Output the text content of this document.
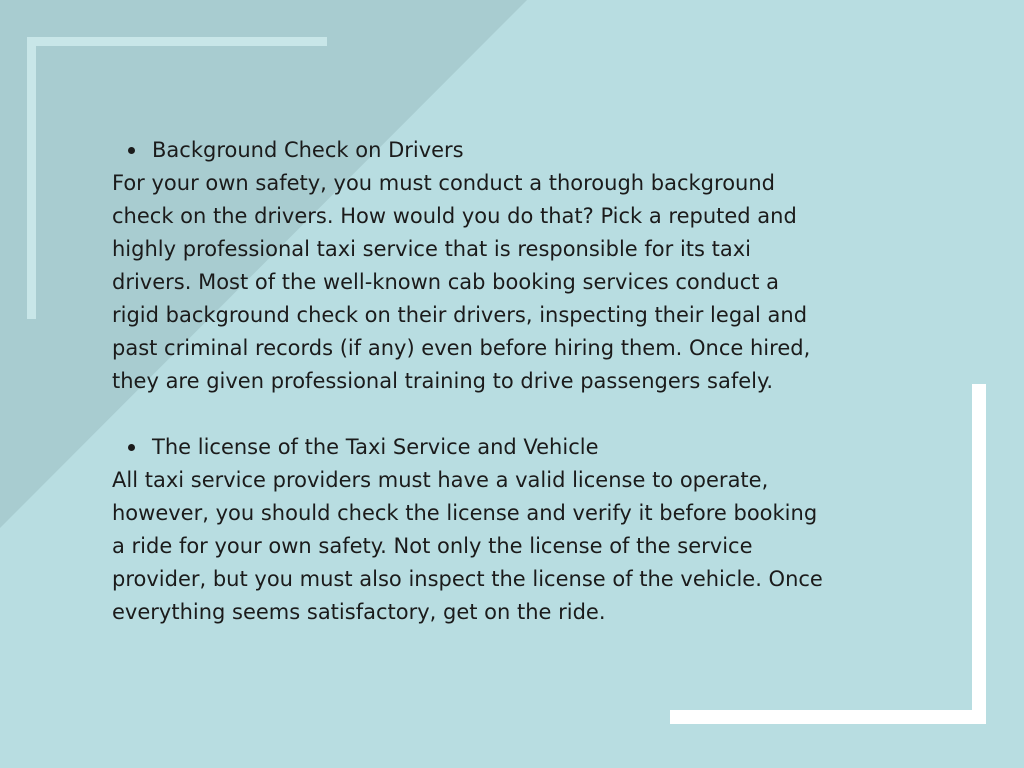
Background Check on Drivers

For your own safety, you must conduct a thorough background
check on the drivers. How would you do that? Pick a reputed and
highly professional taxi service that is responsible for its taxi
drivers. Most of the well-known cab booking services conduct a
rigid background check on their drivers, inspecting their legal and
past criminal records (if any) even before hiring them. Once hired,
they are given professional training to drive passengers safely.

The license of the Taxi Service and Vehicle

All taxi service providers must have a valid license to operate,
however, you should check the license and verify it before booking
a ride for your own safety. Not only the license of the service
provider, but you must also inspect the license of the vehicle. Once
everything seems satisfactory, get on the ride.
